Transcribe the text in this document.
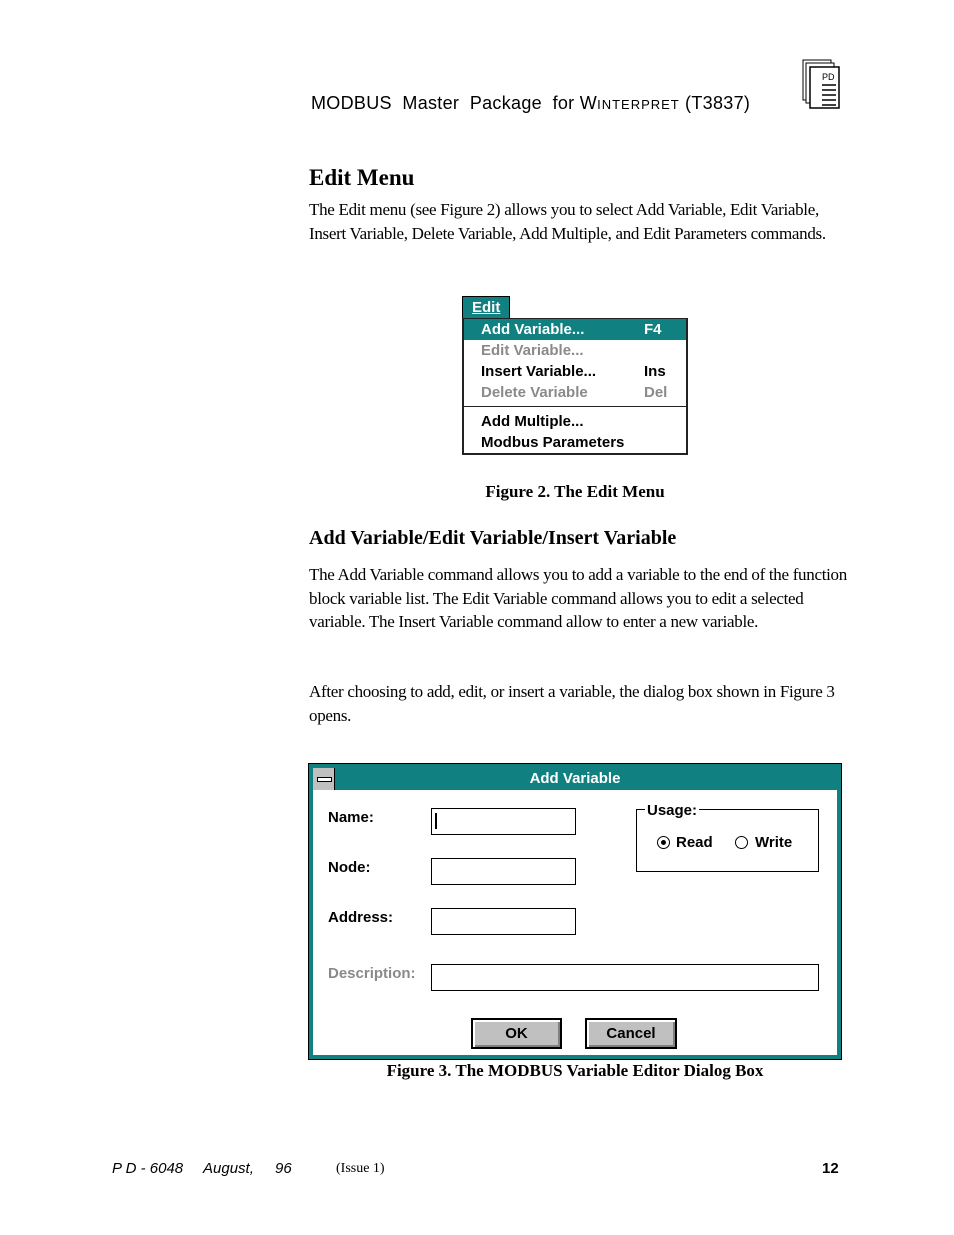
MODBUS  Master  Package  for WINTERPRET (T3837)
PD
Edit Menu
The Edit menu (see Figure 2) allows you to select Add Variable, Edit Variable, Insert Variable, Delete Variable, Add Multiple, and Edit Parameters commands.
Edit
Add Variable...	F4
Edit Variable...
Insert Variable...	Ins
Delete Variable	Del
Add Multiple...
Modbus Parameters
Figure 2. The Edit Menu
Add Variable/Edit Variable/Insert Variable
The Add Variable command allows you to add a variable to the end of the function block variable list. The Edit Variable command allows you to edit a selected variable. The Insert Variable command allow to enter a new variable.
After choosing to add, edit, or insert a variable, the dialog box shown in Figure 3 opens.
Add Variable
Name:
Node:
Address:
Description:
Usage:
Read	Write
OK	Cancel
Figure 3. The MODBUS Variable Editor Dialog Box
P D - 6048 August, 96	(Issue 1)	12
